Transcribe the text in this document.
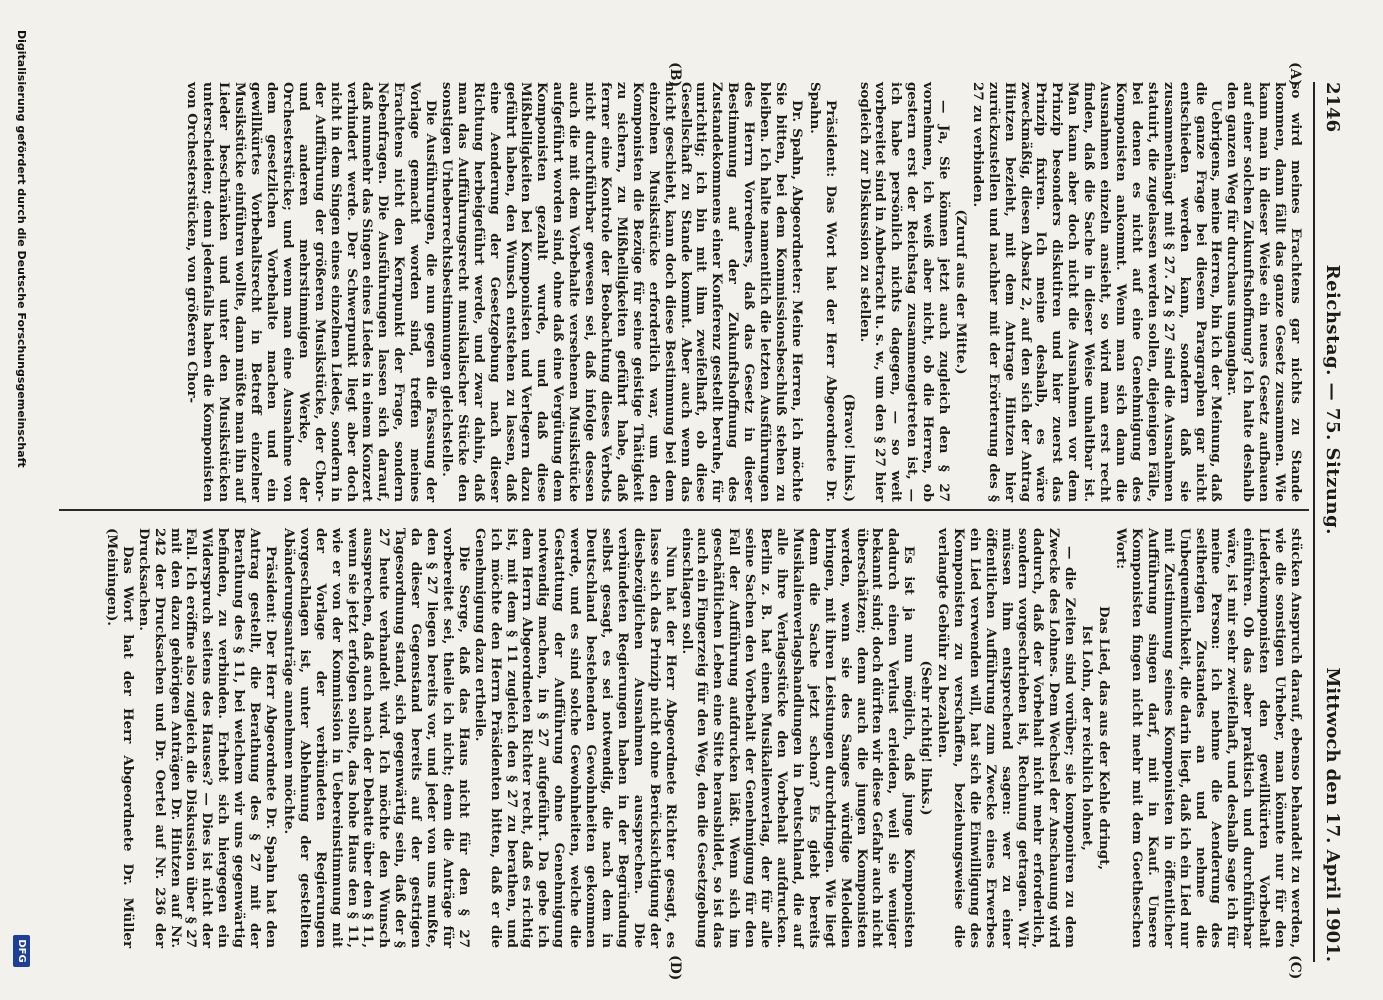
2146
Reichstag. — 75. Sitzung.
Mittwoch den 17. April 1901.
(A)
(B)
(C)
(D)

so wird meines Erachtens gar nichts zu Stande kommen, dann fällt das ganze Gesetz zusammen. Wie kann man in dieser Weise ein neues Gesetz aufbauen auf einer solchen Zukunftshoffnung? Ich halte deshalb den ganzen Weg für durchaus ungangbar.

Uebrigens, meine Herren, bin ich der Meinung, daß die ganze Frage bei diesem Paragraphen gar nicht entschieden werden kann, sondern daß sie zusammenhängt mit § 27. Zu § 27 sind die Ausnahmen statuirt, die zugelassen werden sollen, diejenigen Fälle, bei denen es nicht auf eine Genehmigung des Komponisten ankommt. Wenn man sich dann die Ausnahmen einzeln ansieht, so wird man erst recht finden, daß die Sache in dieser Weise unhaltbar ist. Man kann aber doch nicht die Ausnahmen vor dem Prinzip besonders diskutiren und hier zuerst das Prinzip fixiren. Ich meine deshalb, es wäre zweckmäßig, diesen Absatz 2, auf den sich der Antrag Hintzen bezieht, mit dem Antrage Hintzen hier zurückzustellen und nachher mit der Erörterung des § 27 zu verbinden.

(Zuruf aus der Mitte.)

— Ja, Sie können jetzt auch zugleich den § 27 vornehmen, ich weiß aber nicht, ob die Herren, ob gestern erst der Reichstag zusammengetreten ist, — ich habe persönlich nichts dagegen, — so weit vorbereitet sind in Anbetracht u. s. w., um den § 27 hier sogleich zur Diskussion zu stellen.

(Bravo! links.)

Präsident: Das Wort hat der Herr Abgeordnete Dr. Spahn.

Dr. Spahn, Abgeordneter: Meine Herren, ich möchte Sie bitten, bei dem Kommissionsbeschluß stehen zu bleiben. Ich halte namentlich die letzten Ausführungen des Herrn Vorredners, daß das Gesetz in dieser Bestimmung auf der Zukunftshoffnung des Zustandekommens einer Konferenz gestellt beruhe, für unrichtig; ich bin mit ihm zweifelhaft, ob diese Gesellschaft zu Stande kommt. Aber auch wenn das nicht geschieht, kann doch diese Bestimmung bei dem einzelnen Musikstücke erforderlich war, um den Komponisten die Bezüge für seine geistige Thätigkeit zu sichern, zu Mißhelligkeiten geführt habe, daß ferner eine Kontrole der Beobachtung dieses Verbots nicht durchführbar gewesen sei, daß infolge dessen auch die mit dem Vorbehalte versehenen Musikstücke aufgeführt worden sind, ohne daß eine Vergütung dem Komponisten gezahlt wurde, und daß diese Mißhelligkeiten bei Komponisten und Verlegern dazu geführt haben, den Wunsch entstehen zu lassen, daß eine Aenderung der Gesetzgebung nach dieser Richtung herbeigeführt werde, und zwar dahin, daß man das Aufführungsrecht musikalischer Stücke den sonstigen Urheberrechtsbestimmungen gleichstelle.

Die Ausführungen, die nun gegen die Fassung der Vorlage gemacht worden sind, treffen meines Erachtens nicht den Kernpunkt der Frage, sondern Nebenfragen. Die Ausführungen lassen sich darauf, daß nunmehr das Singen eines Liedes in einem Konzert verhindert werde. Der Schwerpunkt liegt aber doch nicht in dem Singen eines einzelnen Liedes, sondern in der Aufführung der größeren Musikstücke, der Chor- und anderen mehrstimmigen Werke, der Orchesterstücke; und wenn man eine Ausnahme von dem gesetzlichen Vorbehalte machen und ein gewillkürtes Vorbehaltsrecht in Betreff einzelner Musikstücke einführen wollte, dann müßte man ihn auf Lieder beschränken und unter den Musikstücken unterscheiden; denn jedenfalls haben die Komponisten von Orchesterstücken, von größeren Chor-

stücken Anspruch darauf, ebenso behandelt zu werden, wie die sonstigen Urheber, man könnte nur für den Liederkomponisten den gewillkürten Vorbehalt einführen. Ob das aber praktisch und durchführbar wäre, ist mir sehr zweifelhaft, und deshalb sage ich für meine Person: ich nehme die Aenderung des seitherigen Zustandes an und nehme die Unbequemlichkeit, die darin liegt, daß ich ein Lied nur mit Zustimmung seines Komponisten in öffentlicher Aufführung singen darf, mit in Kauf. Unsere Komponisten fingen nicht mehr mit dem Goetheschen Wort:

Das Lied, das aus der Kehle dringt,

Ist Lohn, der reichlich lohnet,

— die Zeiten sind vorüber; sie komponiren zu dem Zwecke des Lohnes. Dem Wechsel der Anschauung wird dadurch, daß der Vorbehalt nicht mehr erforderlich, sondern vorgeschrieben ist, Rechnung getragen. Wir müssen ihm entsprechend sagen: wer zu einer öffentlichen Aufführung zum Zwecke eines Erwerbes ein Lied verwenden will, hat sich die Einwilligung des Komponisten zu verschaffen, beziehungsweise die verlangte Gebühr zu bezahlen.

(Sehr richtig! links.)

Es ist ja nun möglich, daß junge Komponisten dadurch einen Verlust erleiden, weil sie weniger bekannt sind; doch dürften wir diese Gefahr auch nicht überschätzen; denn auch die jungen Komponisten werden, wenn sie des Sanges würdige Melodien bringen, mit ihren Leistungen durchdringen. Wie liegt denn die Sache jetzt schon? Es giebt bereits Musikalienverlagshandlungen in Deutschland, die auf alle ihre Verlagsstücke den Vorbehalt aufdrucken. Berlin z. B. hat einen Musikalienverlag, der für alle seine Sachen den Vorbehalt der Genehmigung für den Fall der Aufführung aufdrucken läßt. Wenn sich im geschäftlichen Leben eine Sitte herausbildet, so ist das auch ein Fingerzeig für den Weg, den die Gesetzgebung einschlagen soll.

Nun hat der Herr Abgeordnete Richter gesagt, es lasse sich das Prinzip nicht ohne Berücksichtigung der diesbezüglichen Ausnahmen aussprechen. Die verbündeten Regierungen haben in der Begründung selbst gesagt, es sei notwendig, die nach dem in Deutschland bestehenden Gewohnheiten gekommen werde, und es sind solche Gewohnheiten, welche die Gestattung der Aufführung ohne Genehmigung notwendig machen, in § 27 aufgeführt. Da gebe ich dem Herrn Abgeordneten Richter recht, daß es richtig ist, mit dem § 11 zugleich den § 27 zu berathen, und ich möchte den Herrn Präsidenten bitten, daß er die Genehmigung dazu ertheile.

Die Sorge, daß das Haus nicht für den § 27 vorbereitet sei, theile ich nicht; denn die Anträge für den § 27 liegen bereits vor, und jeder von uns mußte, da dieser Gegenstand bereits auf der gestrigen Tagesordnung stand, sich gegenwärtig sein, daß der § 27 heute verhandelt wird. Ich möchte den Wunsch aussprechen, daß auch nach der Debatte über den § 11, wenn sie jetzt erfolgen sollte, das hohe Haus den § 11, wie er von der Kommission in Uebereinstimmung mit der Vorlage der verbündeten Regierungen vorgeschlagen ist, unter Ablehnung der gestellten Abänderungsanträge annehmen möchte.

Präsident: Der Herr Abgeordnete Dr. Spahn hat den Antrag gestellt, die Berathung des § 27 mit der Berathung des § 11, bei welchem wir uns gegenwärtig befinden, zu verbinden. Erhebt sich hiergegen ein Widerspruch seitens des Hauses? — Dies ist nicht der Fall. Ich eröffne also zugleich die Diskussion über § 27 mit den dazu gehörigen Anträgen Dr. Hintzen auf Nr. 242 der Drucksachen und Dr. Oertel auf Nr. 236 der Drucksachen.

Das Wort hat der Herr Abgeordnete Dr. Müller (Meiningen).

Digitalisierung gefördert durch die Deutsche Forschungsgemeinschaft
DFG
